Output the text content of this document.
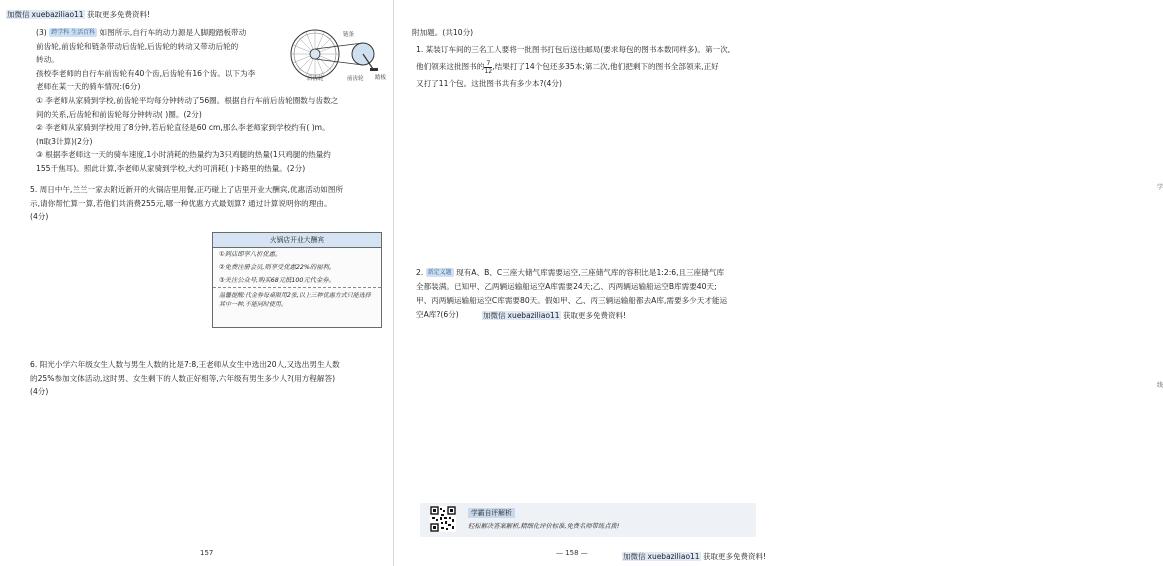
加微信 xuebaziliao11 获取更多免费资料!

(3) 跨学科 生活百科 如图所示,自行车的动力源是人脚蹬踏板带动
前齿轮,前齿轮和链条带动后齿轮,后齿轮的转动又带动后轮的
转动。
孩校李老师的自行车前齿轮有40个齿,后齿轮有16个齿。以下为李
老师在某一天的骑车情况:(6分)

链条
后齿轮	前齿轮 踏板

① 李老师从家骑到学校,前齿轮平均每分钟转动了56圈。根据自行车前后齿轮圈数与齿数之
间的关系,后齿轮和前齿轮每分钟转动( )圈。(2分)
② 李老师从家骑到学校用了8分钟,若后轮直径是60 cm,那么李老师家到学校约有( )m。
(π取3计算)(2分)
③ 根据李老师这一天的骑车速度,1小时消耗的热量约为3只鸡腿的热量(1只鸡腿的热量约
155千焦耳)。照此计算,李老师从家骑到学校,大约可消耗( )卡路里的热量。(2分)

5. 周日中午,兰兰一家去附近新开的火锅店里用餐,正巧碰上了店里开业大酬宾,优惠活动如图所
示,请你帮忙算一算,若他们共消费255元,哪一种优惠方式最划算? 通过计算说明你的理由。
(4分)

火锅店开业大酬宾
①到店即享八折优惠。
②免费注册会员,则享受优惠22%的福利。
③关注公众号,购买68元抵100元代金券。
温馨提醒:代金券每桌限用2张,以上三种优惠方式只能选择其中一种,不能同时使用。

6. 阳光小学六年级女生人数与男生人数的比是7:8,王老师从女生中选出20人,又选出男生人数
的25%参加文体活动,这时男、女生剩下的人数正好相等,六年级有男生多少人?(用方程解答)
(4分)

157

附加题。(共10分)

1. 某装订车间的三名工人要将一批图书打包后送往邮局(要求每包的图书本数同样多)。第一次,
他们领来这批图书的 $\frac{7}{12}$ ,结果打了14个包还多35本;第二次,他们把剩下的图书全部领来,正好
又打了11个包。这批图书共有多少本?(4分)

2. 新定义题 现有A、B、C三座大储气库需要运空,三座储气库的容积比是1:2:6,且三座储气库
全都装满。已知甲、乙两辆运输船运空A库需要24天;乙、丙两辆运输船运空B库需要40天;
甲、丙两辆运输船运空C库需要80天。假如甲、乙、丙三辆运输船都去A库,需要多少天才能运
空A库?(6分)	加微信 xuebaziliao11 获取更多免费资料!
学
线
— 158 —	加微信 xuebaziliao11 获取更多免费资料!
学霸自评解析
轻松解决答案解析,精细化评价标准,免费名师带练点拨!
